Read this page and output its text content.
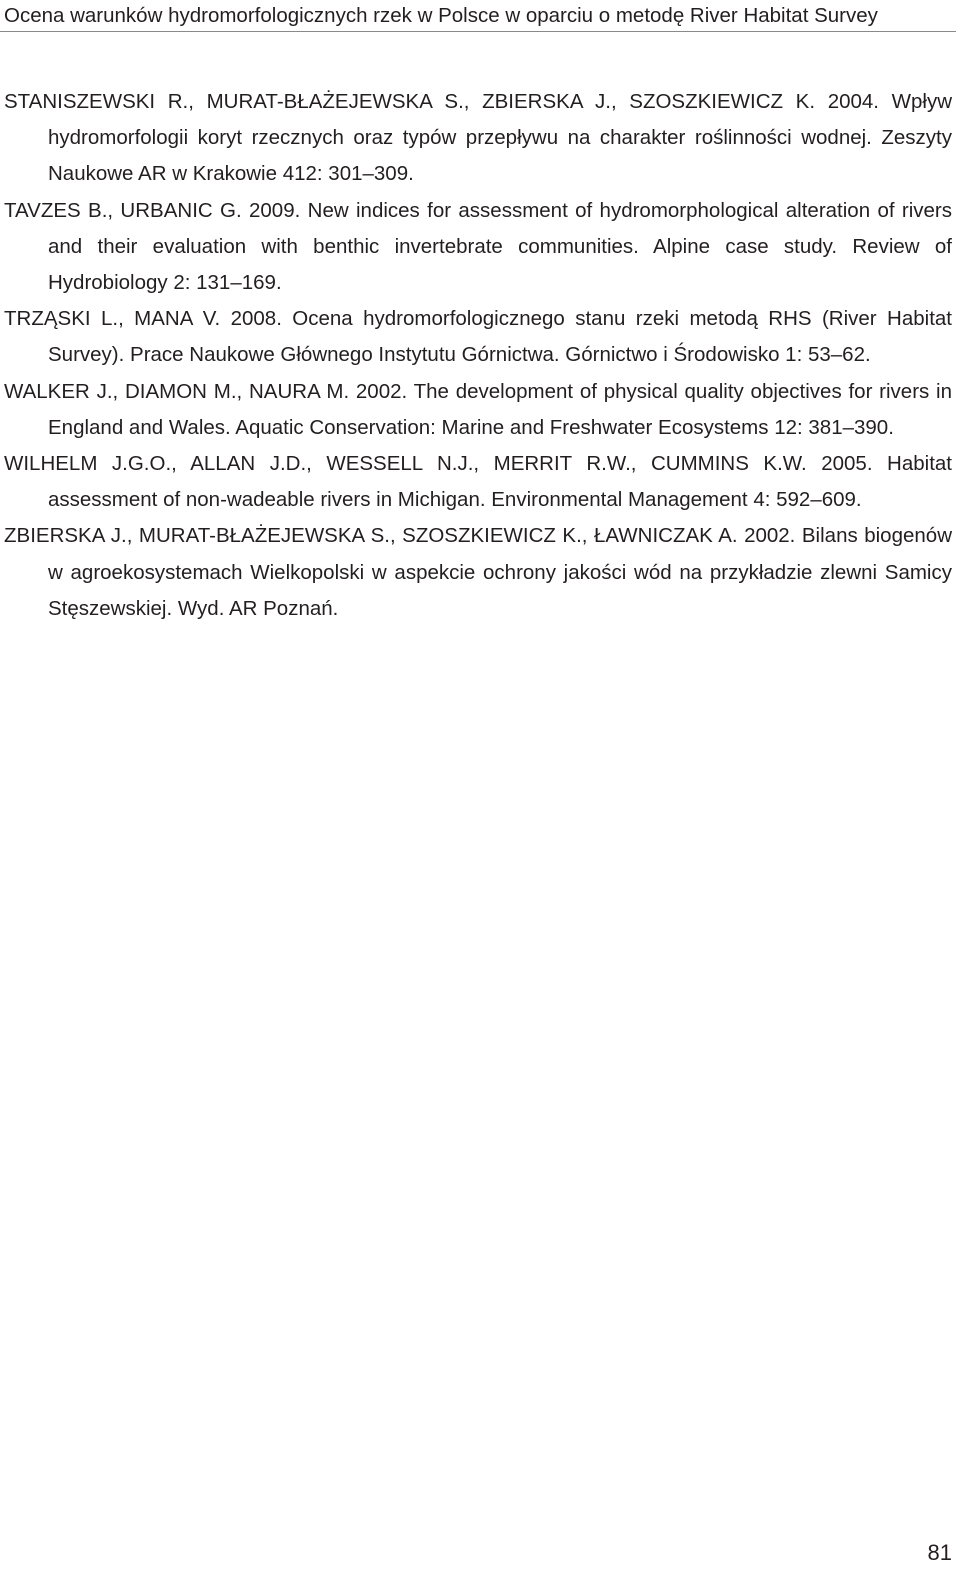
Ocena warunków hydromorfologicznych rzek w Polsce w oparciu o metodę River Habitat Survey
STANISZEWSKI R., MURAT-BŁAŻEJEWSKA S., ZBIERSKA J., SZOSZKIEWICZ K. 2004. Wpływ hydromorfologii koryt rzecznych oraz typów przepływu na charakter roślinności wodnej. Zeszyty Naukowe AR w Krakowie 412: 301–309.
TAVZES B., URBANIC G. 2009. New indices for assessment of hydromorphological alteration of rivers and their evaluation with benthic invertebrate communities. Alpine case study. Review of Hydrobiology 2: 131–169.
TRZĄSKI L., MANA V. 2008. Ocena hydromorfologicznego stanu rzeki metodą RHS (River Habitat Survey). Prace Naukowe Głównego Instytutu Górnictwa. Górnictwo i Środowisko 1: 53–62.
WALKER J., DIAMON M., NAURA M. 2002. The development of physical quality objectives for rivers in England and Wales. Aquatic Conservation: Marine and Freshwater Ecosystems 12: 381–390.
WILHELM J.G.O., ALLAN J.D., WESSELL N.J., MERRIT R.W., CUMMINS K.W. 2005. Habitat assessment of non-wadeable rivers in Michigan. Environmental Management 4: 592–609.
ZBIERSKA J., MURAT-BŁAŻEJEWSKA S., SZOSZKIEWICZ K., ŁAWNICZAK A. 2002. Bilans biogenów w agroekosystemach Wielkopolski w aspekcie ochrony jakości wód na przykładzie zlewni Samicy Stęszewskiej. Wyd. AR Poznań.
81
